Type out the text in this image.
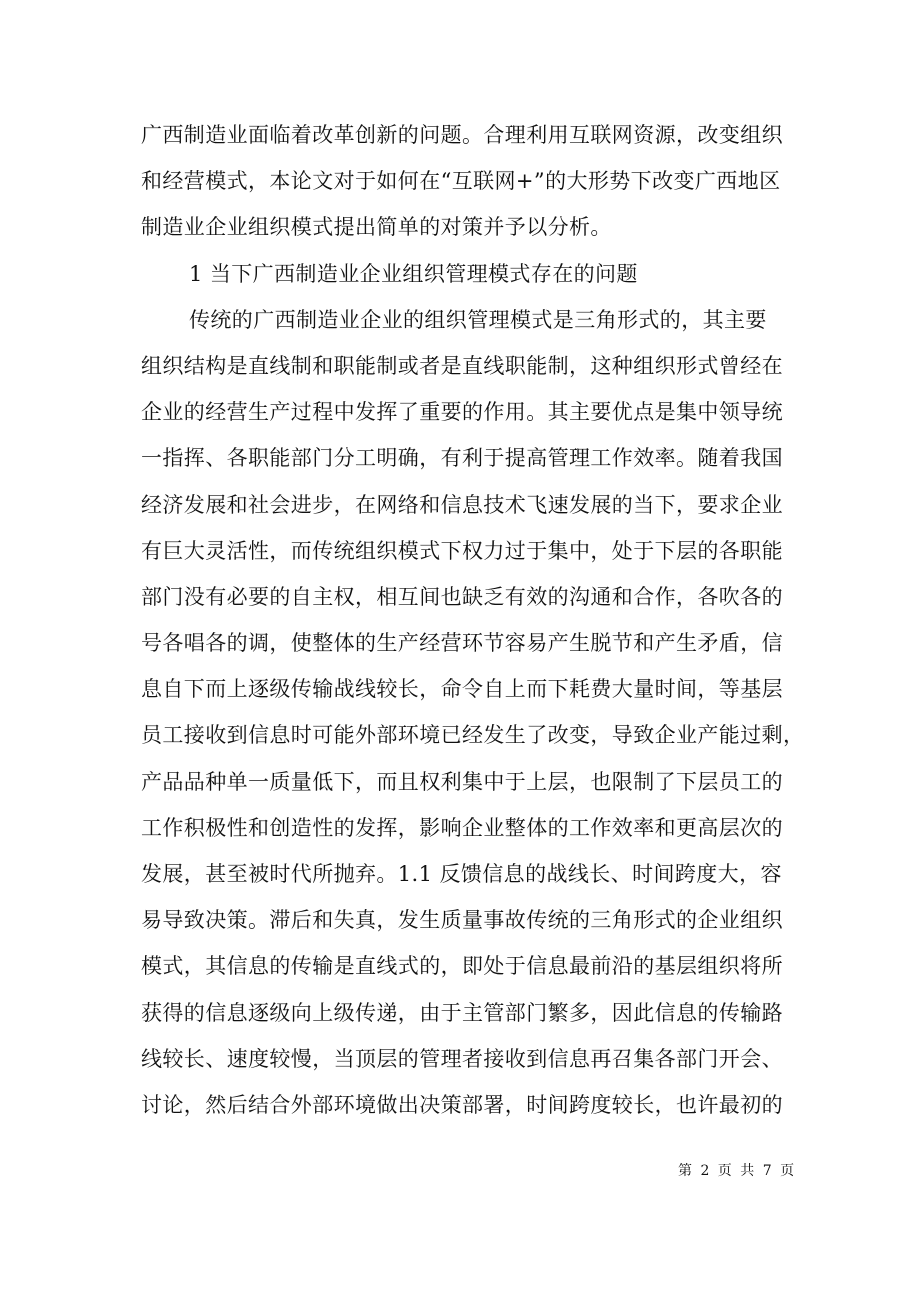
广西制造业面临着改革创新的问题。合理利用互联网资源，改变组织
和经营模式，本论文对于如何在“互联网+”的大形势下改变广西地区
制造业企业组织模式提出简单的对策并予以分析。
1 当下广西制造业企业组织管理模式存在的问题
传统的广西制造业企业的组织管理模式是三角形式的，其主要
组织结构是直线制和职能制或者是直线职能制，这种组织形式曾经在
企业的经营生产过程中发挥了重要的作用。其主要优点是集中领导统
一指挥、各职能部门分工明确，有利于提高管理工作效率。随着我国
经济发展和社会进步，在网络和信息技术飞速发展的当下，要求企业
有巨大灵活性，而传统组织模式下权力过于集中，处于下层的各职能
部门没有必要的自主权，相互间也缺乏有效的沟通和合作，各吹各的
号各唱各的调，使整体的生产经营环节容易产生脱节和产生矛盾，信
息自下而上逐级传输战线较长，命令自上而下耗费大量时间，等基层
员工接收到信息时可能外部环境已经发生了改变，导致企业产能过剩，
产品品种单一质量低下，而且权利集中于上层，也限制了下层员工的
工作积极性和创造性的发挥，影响企业整体的工作效率和更高层次的
发展，甚至被时代所抛弃。1.1 反馈信息的战线长、时间跨度大，容
易导致决策。滞后和失真，发生质量事故传统的三角形式的企业组织
模式，其信息的传输是直线式的，即处于信息最前沿的基层组织将所
获得的信息逐级向上级传递，由于主管部门繁多，因此信息的传输路
线较长、速度较慢，当顶层的管理者接收到信息再召集各部门开会、
讨论，然后结合外部环境做出决策部署，时间跨度较长，也许最初的
第 2 页 共 7 页
